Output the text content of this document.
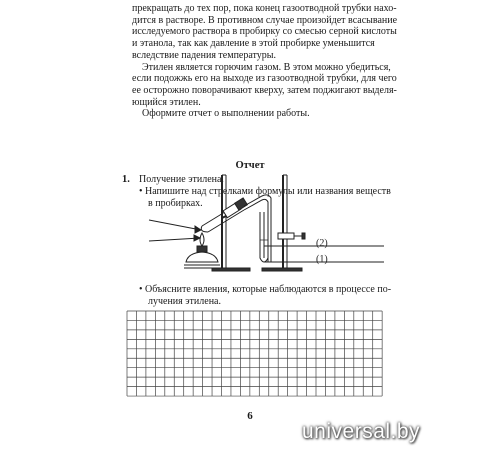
прекращать до тех пор, пока конец газоотводной трубки нахо-
дится в растворе. В противном случае произойдет всасывание
исследуемого раствора в пробирку со смесью серной кислоты
и этанола, так как давление в этой пробирке уменьшится
вследствие падения температуры.
Этилен является горючим газом. В этом можно убедиться,
если подожжь его на выходе из газоотводной трубки, для чего
ее осторожно поворачивают кверху, затем поджигают выделя-
ющийся этилен.
Оформите отчет о выполнении работы.
Отчет
1. Получение этилена.
• Напишите над стрелками формулы или названия веществ
в пробирках.
(2)
(1)
• Объясните явления, которые наблюдаются в процессе по-
лучения этилена.
6
universal.by
